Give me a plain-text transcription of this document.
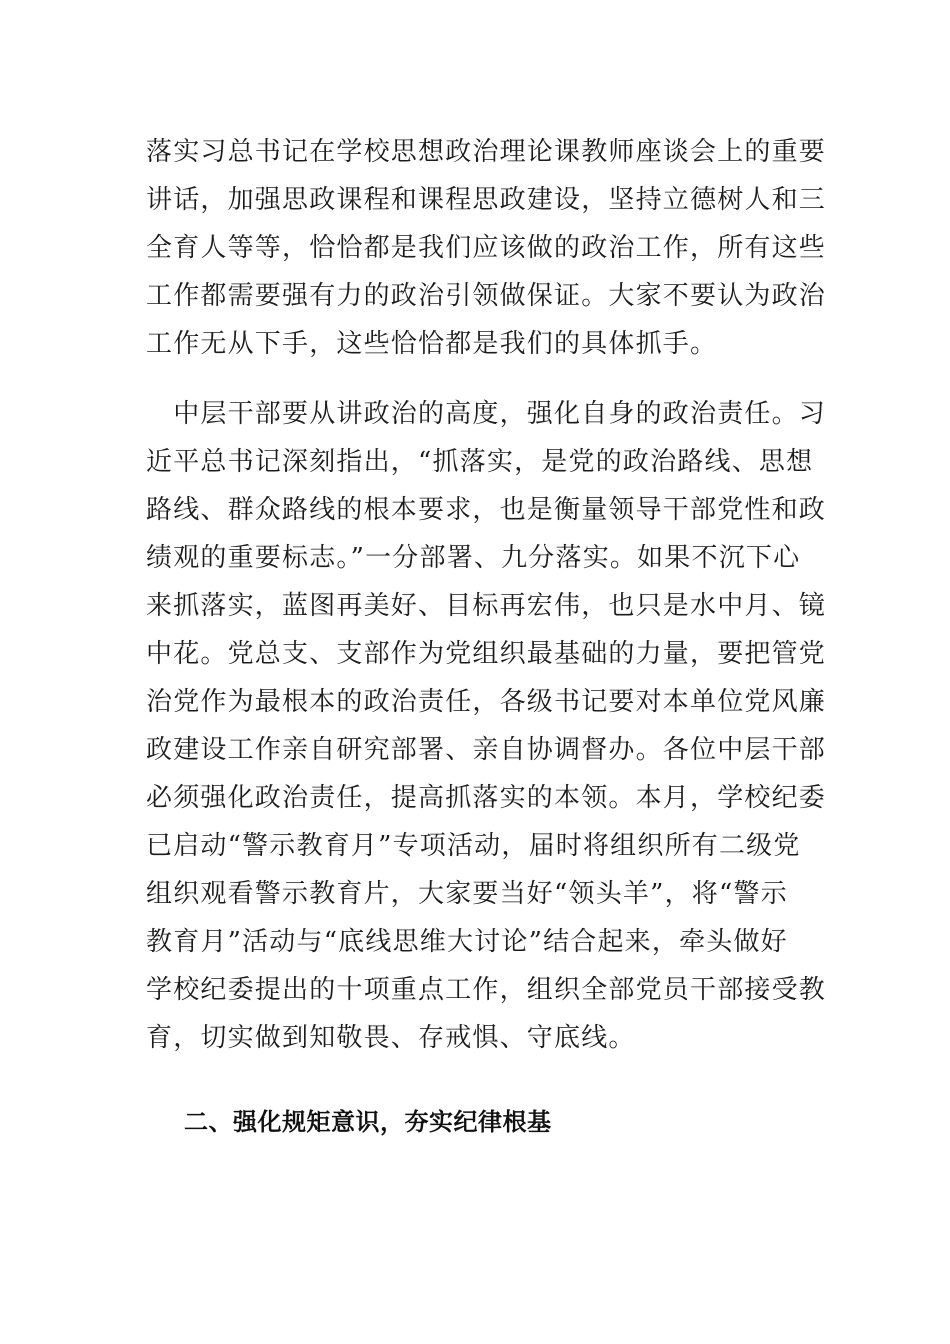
落实习总书记在学校思想政治理论课教师座谈会上的重要
讲话，加强思政课程和课程思政建设，坚持立德树人和三
全育人等等，恰恰都是我们应该做的政治工作，所有这些
工作都需要强有力的政治引领做保证。大家不要认为政治
工作无从下手，这些恰恰都是我们的具体抓手。
　中层干部要从讲政治的高度，强化自身的政治责任。习
近平总书记深刻指出，“抓落实，是党的政治路线、思想
路线、群众路线的根本要求，也是衡量领导干部党性和政
绩观的重要标志。”一分部署、九分落实。如果不沉下心
来抓落实，蓝图再美好、目标再宏伟，也只是水中月、镜
中花。党总支、支部作为党组织最基础的力量，要把管党
治党作为最根本的政治责任，各级书记要对本单位党风廉
政建设工作亲自研究部署、亲自协调督办。各位中层干部
必须强化政治责任，提高抓落实的本领。本月，学校纪委
已启动“警示教育月”专项活动，届时将组织所有二级党
组织观看警示教育片，大家要当好“领头羊”，将“警示
教育月”活动与“底线思维大讨论”结合起来，牵头做好
学校纪委提出的十项重点工作，组织全部党员干部接受教
育，切实做到知敬畏、存戒惧、守底线。
二、强化规矩意识，夯实纪律根基
